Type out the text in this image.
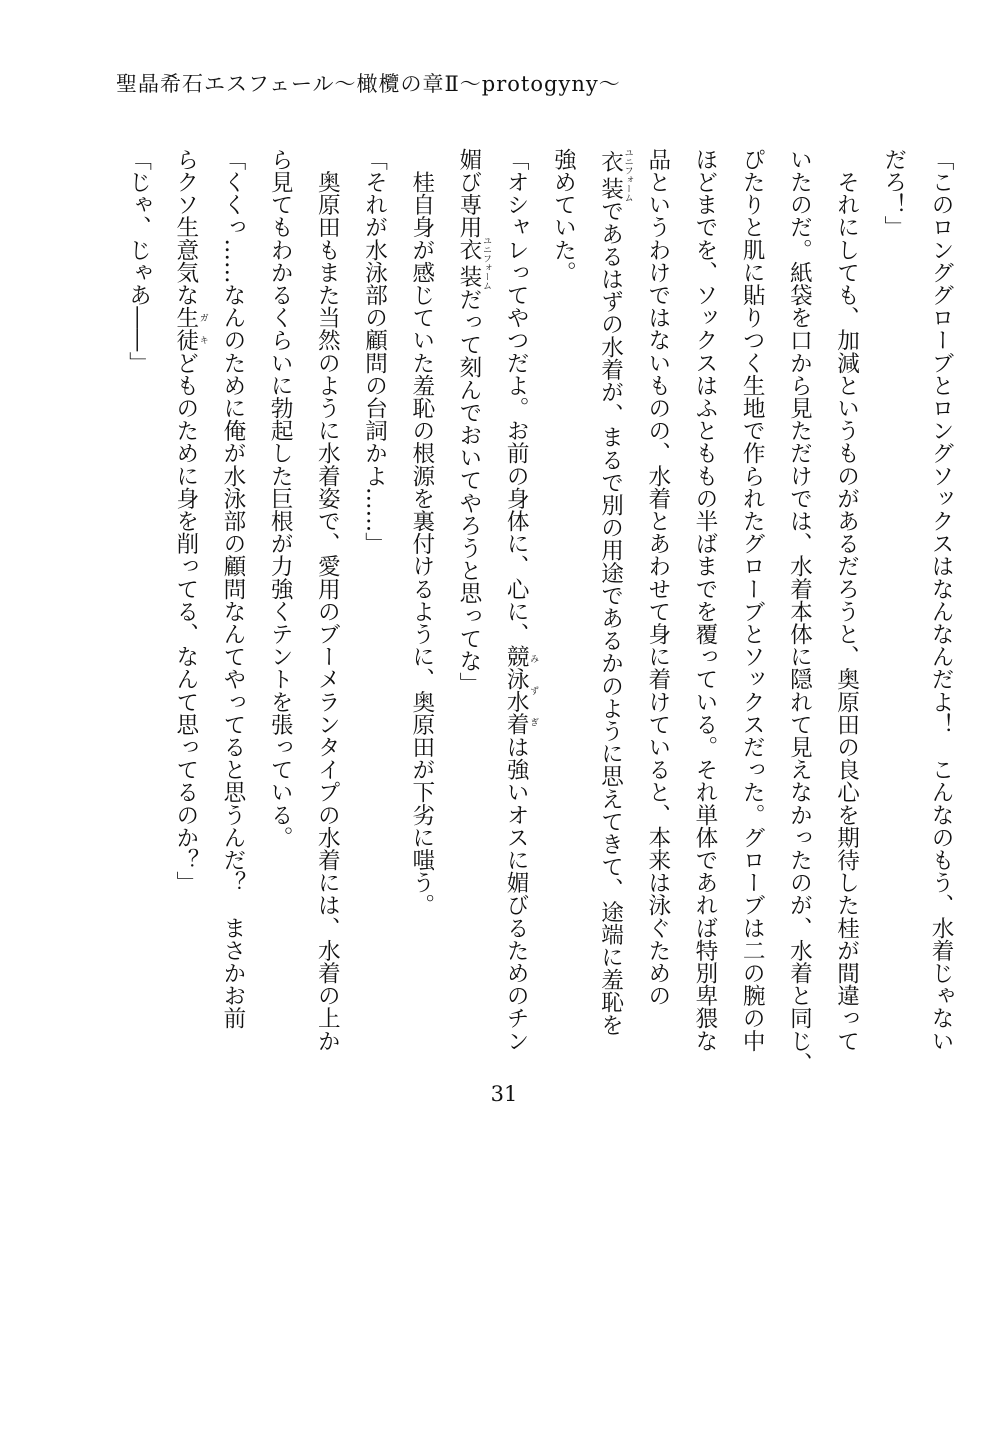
聖晶希石エスフェール～橄欖の章Ⅱ～protogyny～
「このロンググローブとロングソックスはなんなんだよ！　こんなのもう、水着じゃない
だろ！」
　それにしても、加減というものがあるだろうと、奥原田の良心を期待した桂が間違って
いたのだ。紙袋を口から見ただけでは、水着本体に隠れて見えなかったのが、水着と同じ、
ぴたりと肌に貼りつく生地で作られたグローブとソックスだった。グローブは二の腕の中
ほどまでを、ソックスはふとももの半ばまでを覆っている。それ単体であれば特別卑猥な
品というわけではないものの、水着とあわせて身に着けていると、本来は泳ぐための
衣装 ユニフォームであるはずの水着が、まるで別の用途であるかのように思えてきて、途端に羞恥を
強めていた。
「オシャレってやつだよ。お前の身体に、心に、競泳水着 みずぎは強いオスに媚びるためのチン
媚び専用衣装 ユニフォームだって刻んでおいてやろうと思ってな」
　桂自身が感じていた羞恥の根源を裏付けるように、奥原田が下劣に嗤う。
「それが水泳部の顧問の台詞かよ……」
　奥原田もまた当然のように水着姿で、愛用のブーメランタイプの水着には、水着の上か
ら見てもわかるくらいに勃起した巨根が力強くテントを張っている。
「くくっ……なんのために俺が水泳部の顧問なんてやってると思うんだ？　まさかお前
らクソ生意気な生徒 ガキどものために身を削ってる、なんて思ってるのか？」
「じゃ、じゃあ――」
31
